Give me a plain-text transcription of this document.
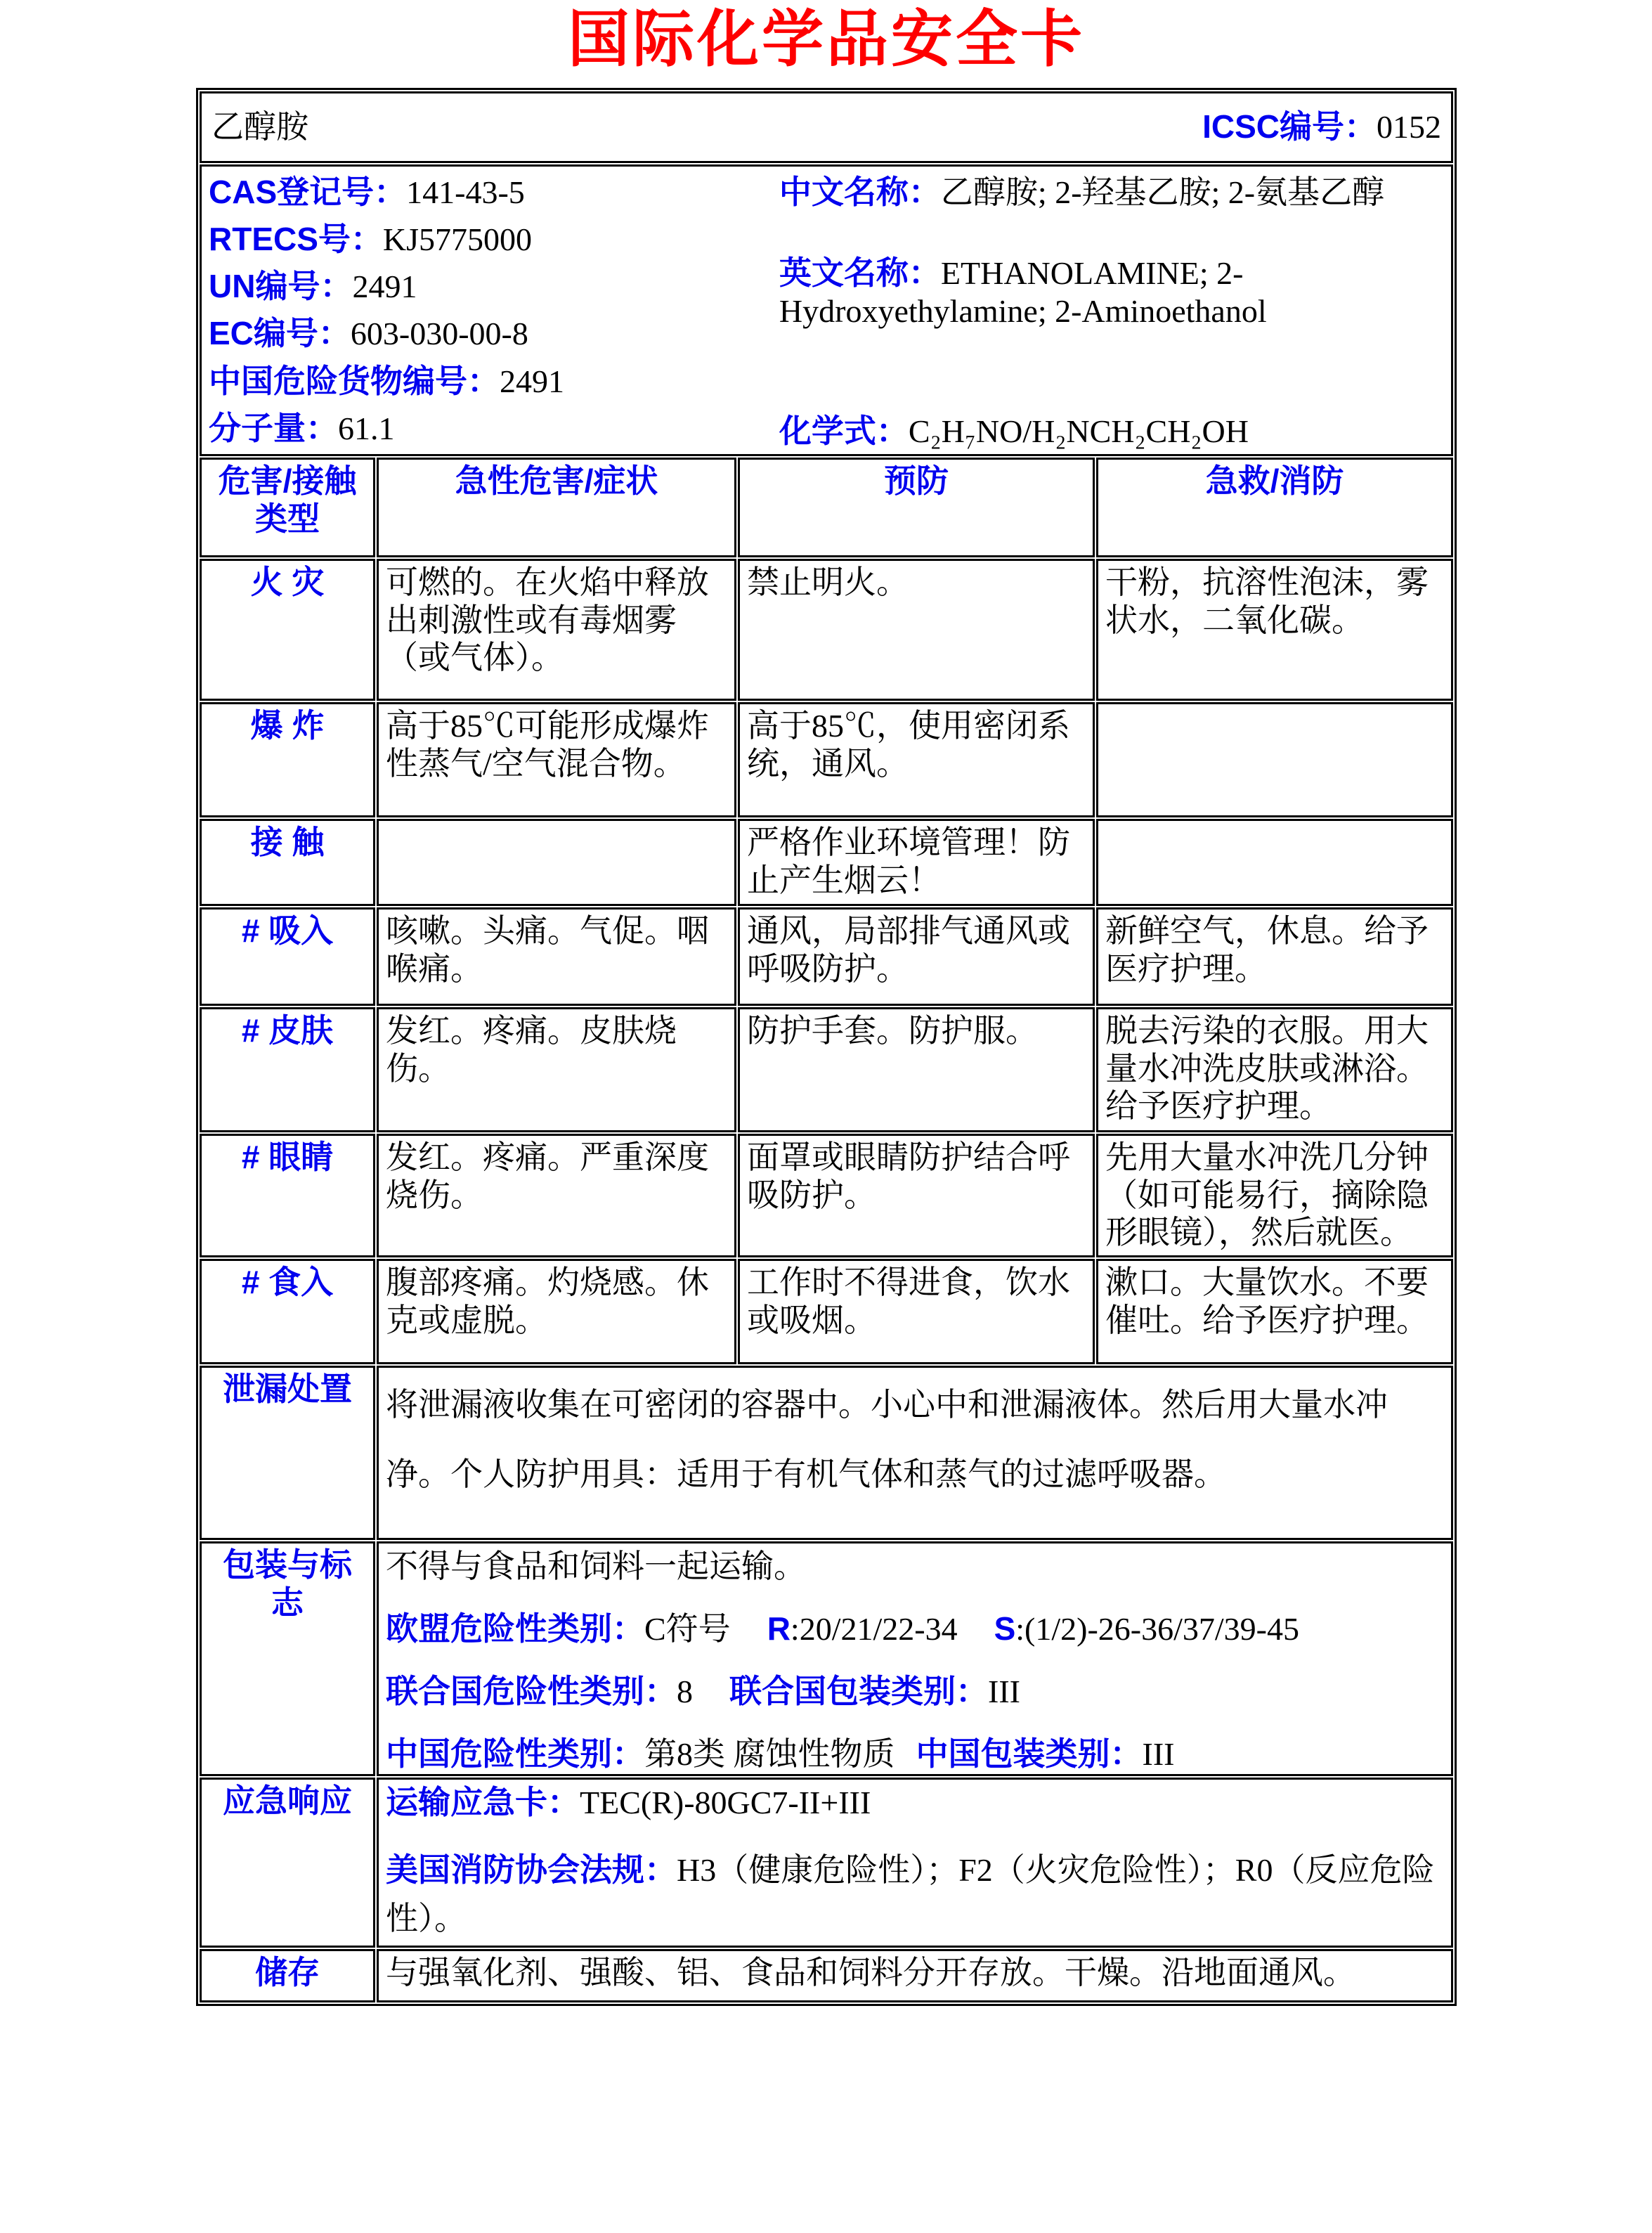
国际化学品安全卡
乙醇胺 ICSC编号：0152			

CAS登记号：141-43-5
RTECS号：KJ5775000
UN编号：2491
EC编号：603-030-00-8
中国危险货物编号：2491
分子量：61.1

中文名称：乙醇胺; 2-羟基乙胺; 2-氨基乙醇

英文名称：ETHANOLAMINE; 2-Hydroxyethylamine; 2-Aminoethanol

化学式：C₂H₇NO/H₂NCH₂CH₂OH

危害/接触
类型	急性危害/症状	预防	急救/消防
火 灾	可燃的。在火焰中释放出刺激性或有毒烟雾（或气体）。	禁止明火。	干粉，抗溶性泡沫，雾状水，二氧化碳。
爆 炸	高于85℃可能形成爆炸性蒸气/空气混合物。	高于85℃，使用密闭系统，通风。	
接 触		严格作业环境管理！防止产生烟云！	
# 吸入	咳嗽。头痛。气促。咽喉痛。	通风，局部排气通风或呼吸防护。	新鲜空气，休息。给予医疗护理。
# 皮肤	发红。疼痛。皮肤烧伤。	防护手套。防护服。	脱去污染的衣服。用大量水冲洗皮肤或淋浴。给予医疗护理。
# 眼睛	发红。疼痛。严重深度烧伤。	面罩或眼睛防护结合呼吸防护。	先用大量水冲洗几分钟（如可能易行，摘除隐形眼镜），然后就医。
# 食入	腹部疼痛。灼烧感。休克或虚脱。	工作时不得进食，饮水或吸烟。	漱口。大量饮水。不要催吐。给予医疗护理。
泄漏处置	将泄漏液收集在可密闭的容器中。小心中和泄漏液体。然后用大量水冲净。个人防护用具：适用于有机气体和蒸气的过滤呼吸器。		

包装与标志	不得与食品和饲料一起运输。

欧盟危险性类别：C符号 R:20/21/22-34 S:(1/2)-26-36/37/39-45

联合国危险性类别：8 联合国包装类别：III

中国危险性类别：第8类 腐蚀性物质 中国包装类别：III		

应急响应	运输应急卡：TEC(R)-80GC7-II+III

美国消防协会法规：H3（健康危险性）；F2（火灾危险性）；R0（反应危险性）。		

储存	与强氧化剂、强酸、铝、食品和饲料分开存放。干燥。沿地面通风。		
